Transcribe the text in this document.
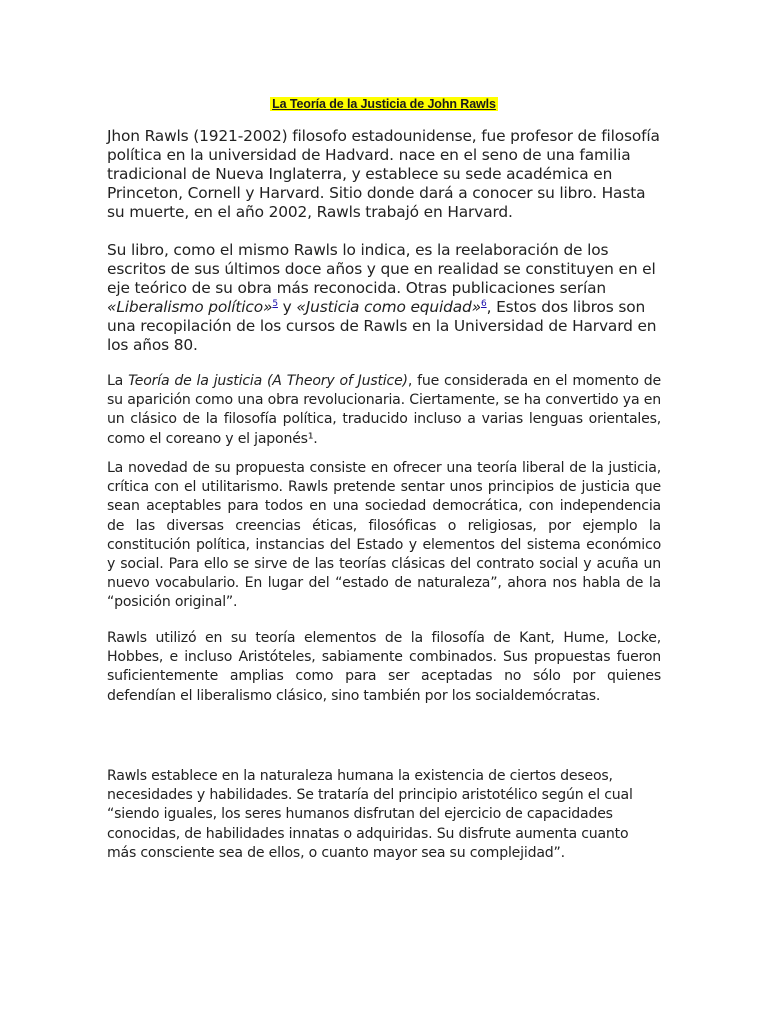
La Teoría de la Justicia de John Rawls

Jhon Rawls (1921-2002) filosofo estadounidense, fue profesor de filosofía política en la universidad de Hadvard. nace en el seno de una familia tradicional de Nueva Inglaterra, y establece su sede académica en Princeton, Cornell y Harvard. Sitio donde dará a conocer su libro. Hasta su muerte, en el año 2002, Rawls trabajó en Harvard.

Su libro, como el mismo Rawls lo indica, es la reelaboración de los escritos de sus últimos doce años y que en realidad se constituyen en el eje teórico de su obra más reconocida. Otras publicaciones serían «Liberalismo político»$^5$ y «Justicia como equidad»$^6$, Estos dos libros son una recopilación de los cursos de Rawls en la Universidad de Harvard en los años 80.

La Teoría de la justicia (A Theory of Justice), fue considerada en el momento de su aparición como una obra revolucionaria. Ciertamente, se ha convertido ya en un clásico de la filosofía política, traducido incluso a varias lenguas orientales, como el coreano y el japonés¹.

La novedad de su propuesta consiste en ofrecer una teoría liberal de la justicia, crítica con el utilitarismo. Rawls pretende sentar unos principios de justicia que sean aceptables para todos en una sociedad democrática, con independencia de las diversas creencias éticas, filosóficas o religiosas, por ejemplo la constitución política, instancias del Estado y elementos del sistema económico y social. Para ello se sirve de las teorías clásicas del contrato social y acuña un nuevo vocabulario. En lugar del “estado de naturaleza”, ahora nos habla de la “posición original”.

Rawls utilizó en su teoría elementos de la filosofía de Kant, Hume, Locke, Hobbes, e incluso Aristóteles, sabiamente combinados. Sus propuestas fueron suficientemente amplias como para ser aceptadas no sólo por quienes defendían el liberalismo clásico, sino también por los socialdemócratas.

Rawls establece en la naturaleza humana la existencia de ciertos deseos, necesidades y habilidades. Se trataría del principio aristotélico según el cual “siendo iguales, los seres humanos disfrutan del ejercicio de capacidades conocidas, de habilidades innatas o adquiridas. Su disfrute aumenta cuanto más consciente sea de ellos, o cuanto mayor sea su complejidad”.
